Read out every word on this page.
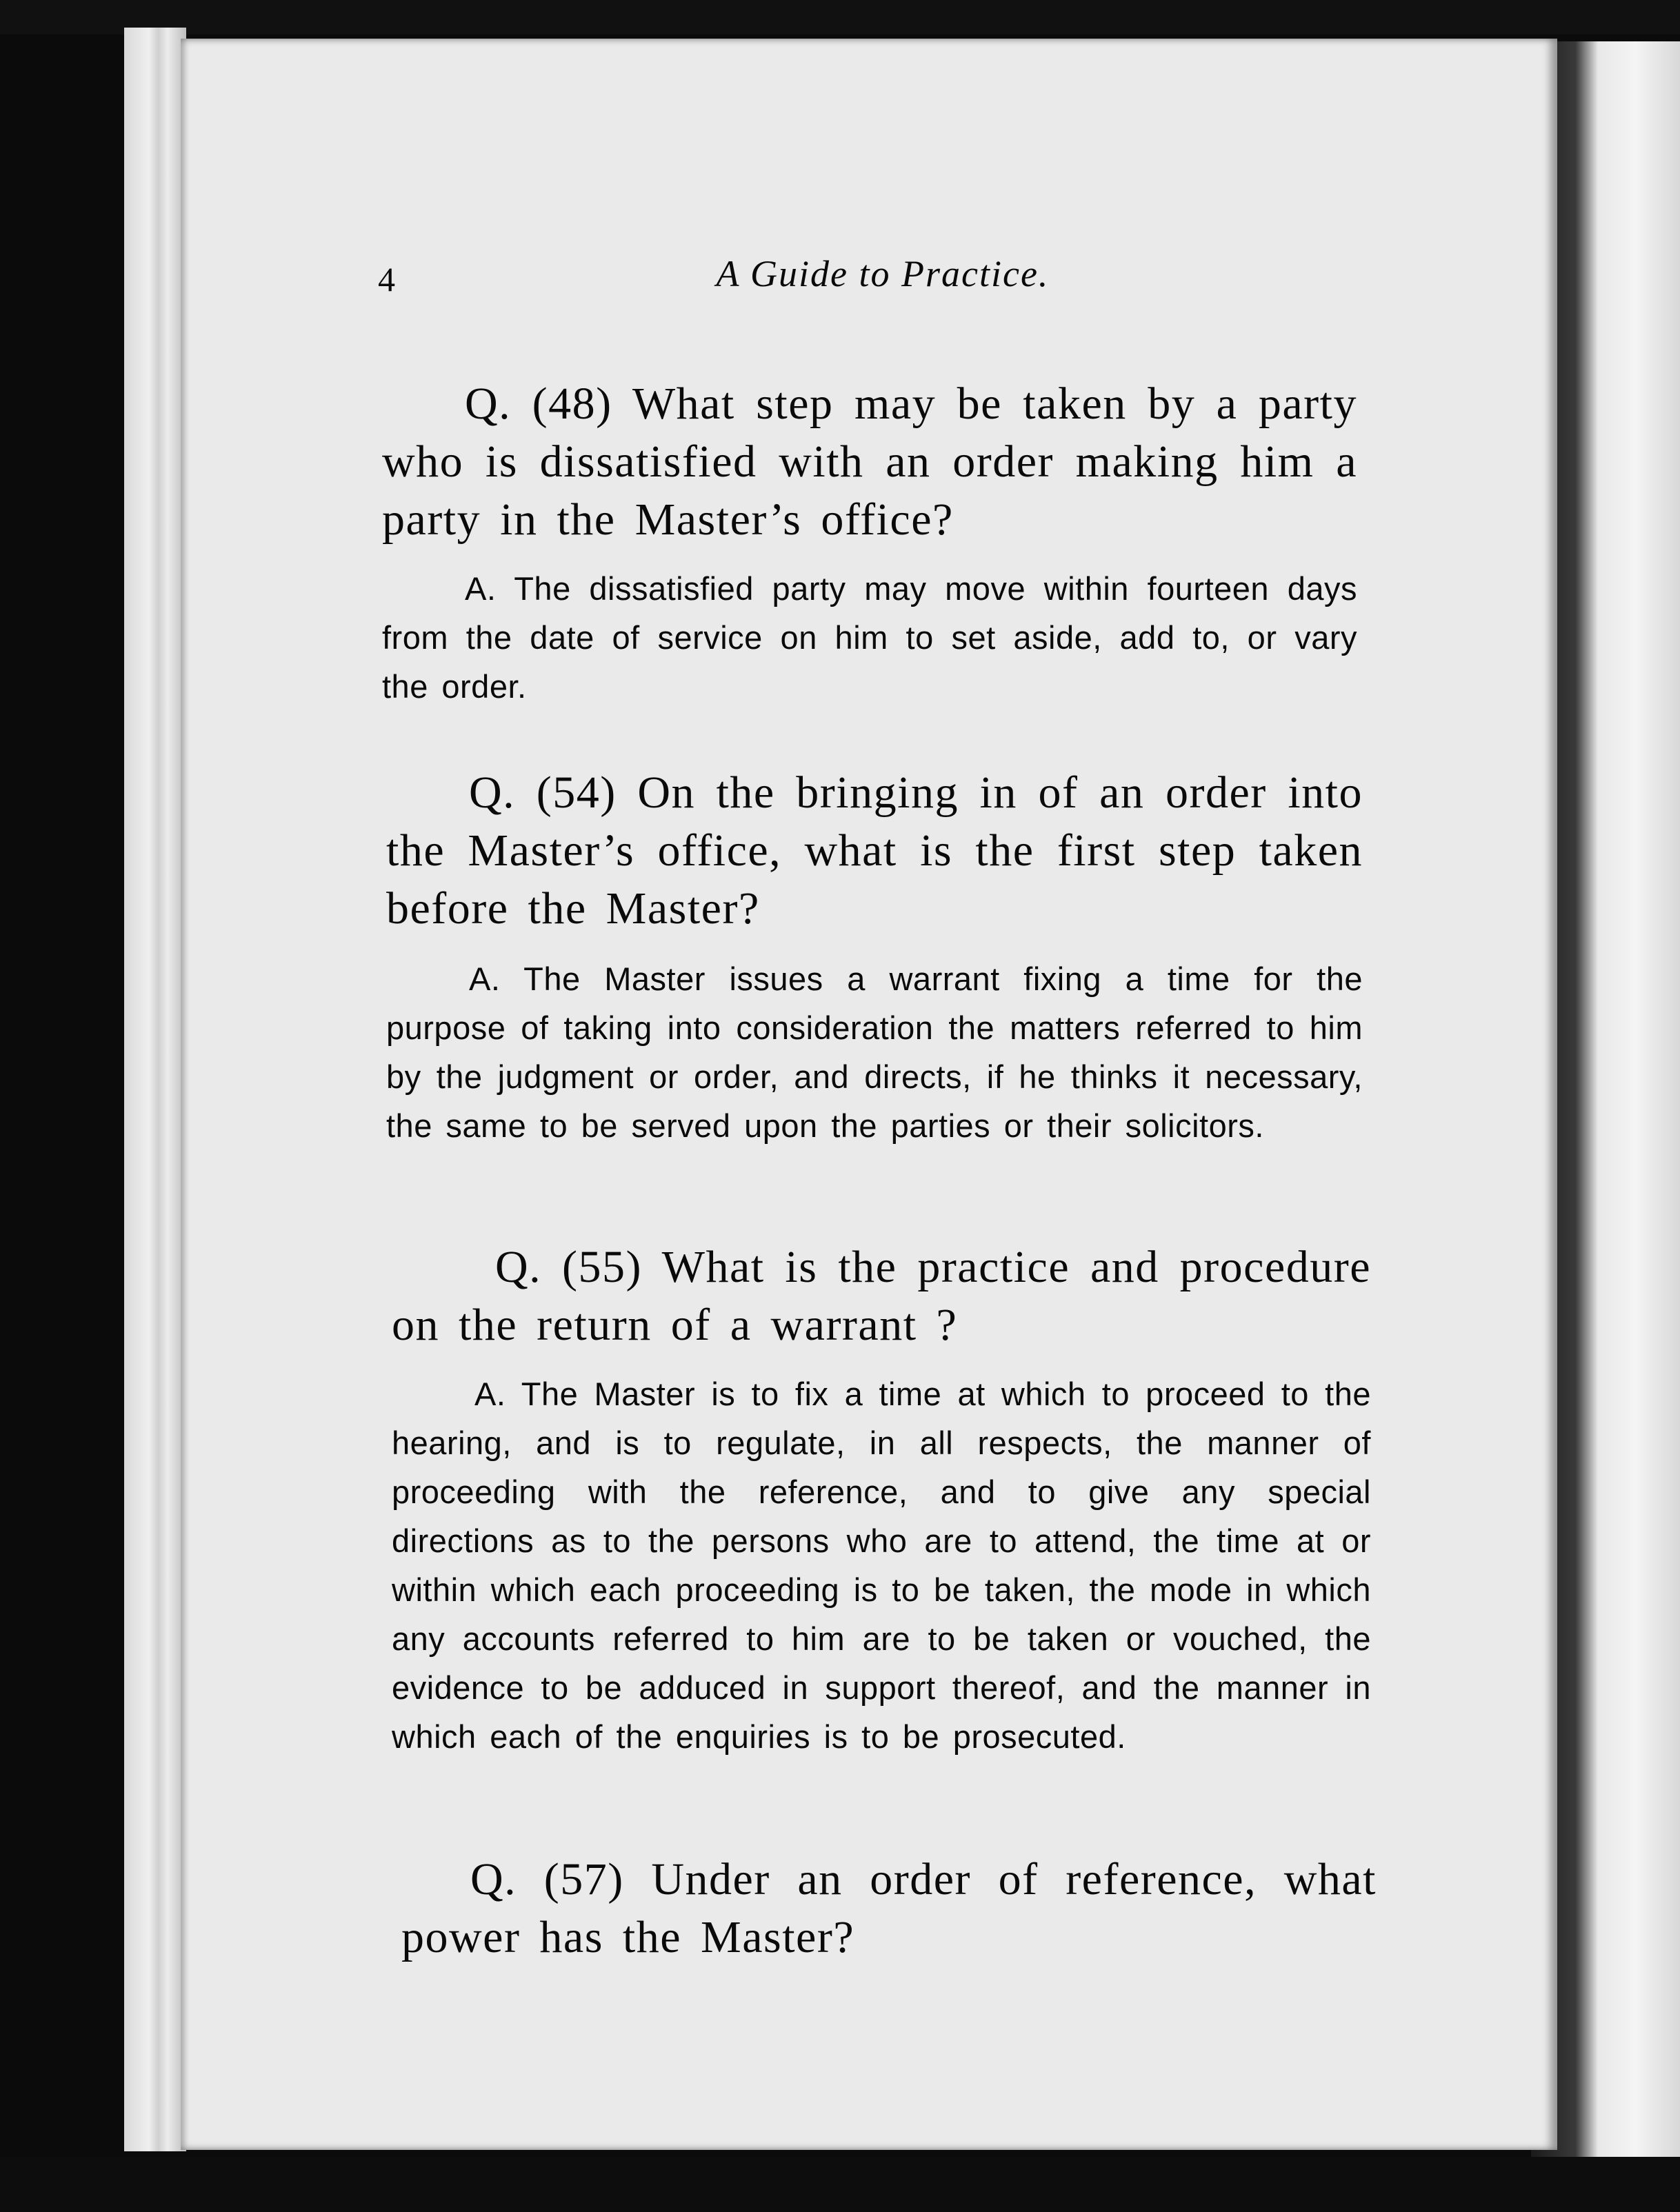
4	A Guide to Practice.

Q. (48) What step may be taken by a party who is dissatisfied with an order making him a party in the Master’s office?

A. The dissatisfied party may move within fourteen days from the date of service on him to set aside, add to, or vary the order.

Q. (54) On the bringing in of an order into the Master’s office, what is the first step taken before the Master?

A. The Master issues a warrant fixing a time for the purpose of taking into consideration the matters referred to him by the judgment or order, and directs, if he thinks it necessary, the same to be served upon the parties or their solicitors.

Q. (55) What is the practice and procedure on the return of a warrant ?

A. The Master is to fix a time at which to proceed to the hearing, and is to regulate, in all respects, the manner of proceeding with the reference, and to give any special directions as to the persons who are to attend, the time at or within which each proceeding is to be taken, the mode in which any accounts referred to him are to be taken or vouched, the evidence to be adduced in support thereof, and the manner in which each of the enquiries is to be prosecuted.

Q. (57) Under an order of reference, what power has the Master?
